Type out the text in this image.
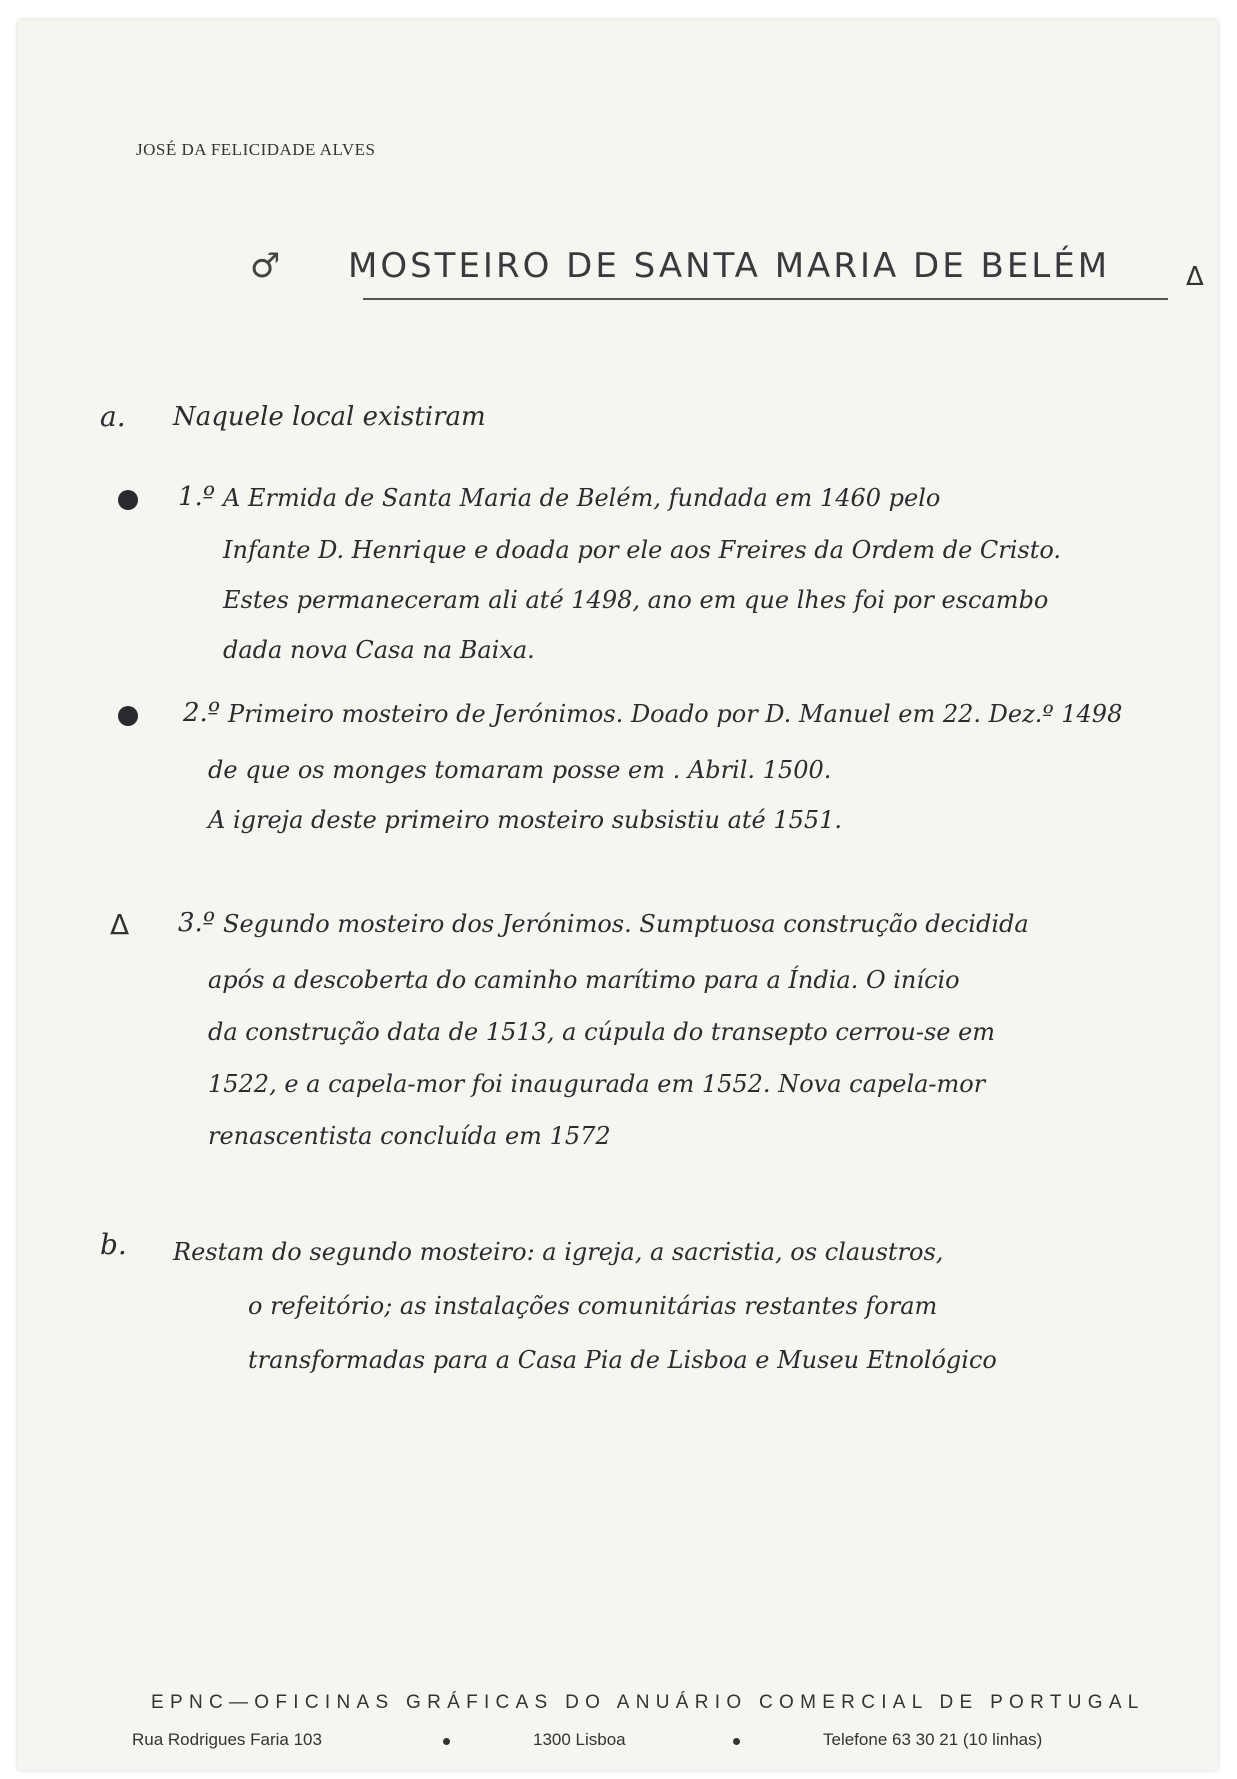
JOSÉ DA FELICIDADE ALVES
♂ MOSTEIRO DE SANTA MARIA DE BELÉM	Δ
a. Naquele local existiram
1.º A Ermida de Santa Maria de Belém, fundada em 1460 pelo
Infante D. Henrique e doada por ele aos Freires da Ordem de Cristo.
Estes permaneceram ali até 1498, ano em que lhes foi por escambo
dada nova Casa na Baixa.
2.º Primeiro mosteiro de Jerónimos. Doado por D. Manuel em 22. Dez.º 1498
de que os monges tomaram posse em . Abril. 1500.
A igreja deste primeiro mosteiro subsistiu até 1551.
Δ 3.º Segundo mosteiro dos Jerónimos. Sumptuosa construção decidida
após a descoberta do caminho marítimo para a Índia. O início
da construção data de 1513, a cúpula do transepto cerrou-se em
1522, e a capela-mor foi inaugurada em 1552. Nova capela-mor
renascentista concluída em 1572
b. Restam do segundo mosteiro: a igreja, a sacristia, os claustros,
o refeitório; as instalações comunitárias restantes foram
transformadas para a Casa Pia de Lisboa e Museu Etnológico
EPNC—OFICINAS GRÁFICAS DO ANUÁRIO COMERCIAL DE PORTUGAL
Rua Rodrigues Faria 103	1300 Lisboa	Telefone 63 30 21 (10 linhas)
